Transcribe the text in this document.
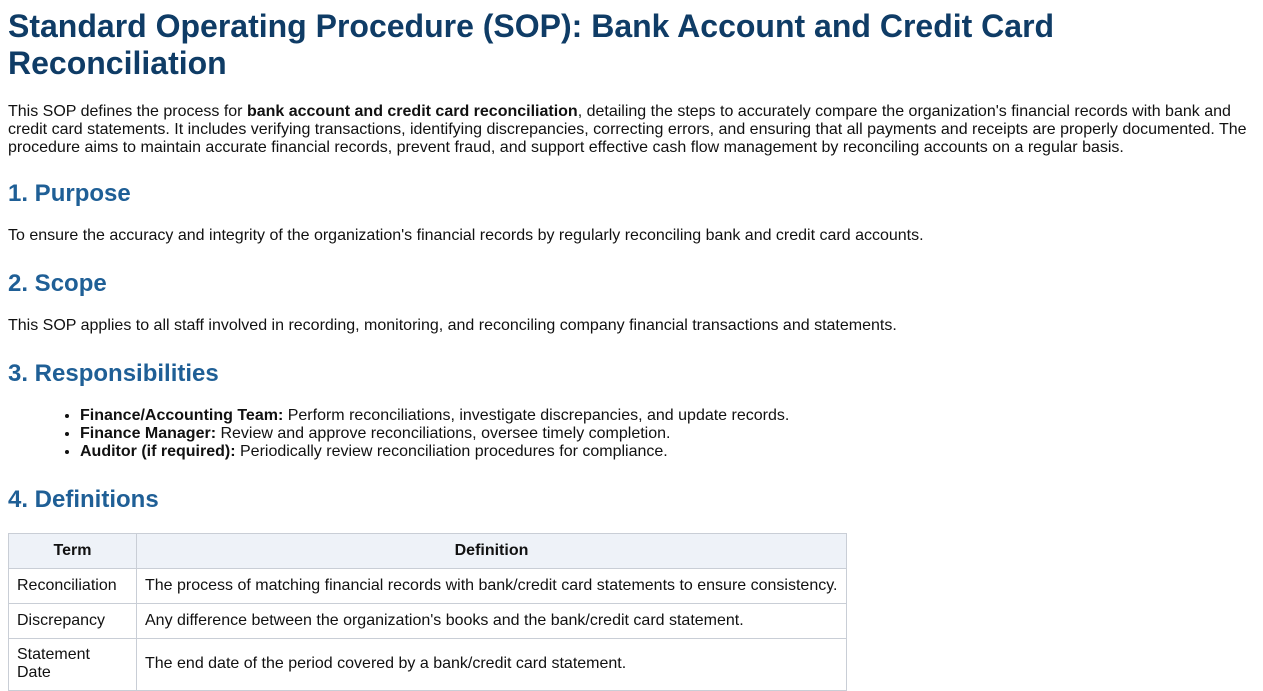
Standard Operating Procedure (SOP): Bank Account and Credit Card Reconciliation

This SOP defines the process for bank account and credit card reconciliation, detailing the steps to accurately compare the organization's financial records with bank and credit card statements. It includes verifying transactions, identifying discrepancies, correcting errors, and ensuring that all payments and receipts are properly documented. The procedure aims to maintain accurate financial records, prevent fraud, and support effective cash flow management by reconciling accounts on a regular basis.

1. Purpose

To ensure the accuracy and integrity of the organization's financial records by regularly reconciling bank and credit card accounts.

2. Scope

This SOP applies to all staff involved in recording, monitoring, and reconciling company financial transactions and statements.

3. Responsibilities
• Finance/Accounting Team: Perform reconciliations, investigate discrepancies, and update records.
• Finance Manager: Review and approve reconciliations, oversee timely completion.
• Auditor (if required): Periodically review reconciliation procedures for compliance.
4. Definitions
Term	Definition
Reconciliation	The process of matching financial records with bank/credit card statements to ensure consistency.
Discrepancy	Any difference between the organization's books and the bank/credit card statement.
Statement Date	The end date of the period covered by a bank/credit card statement.
